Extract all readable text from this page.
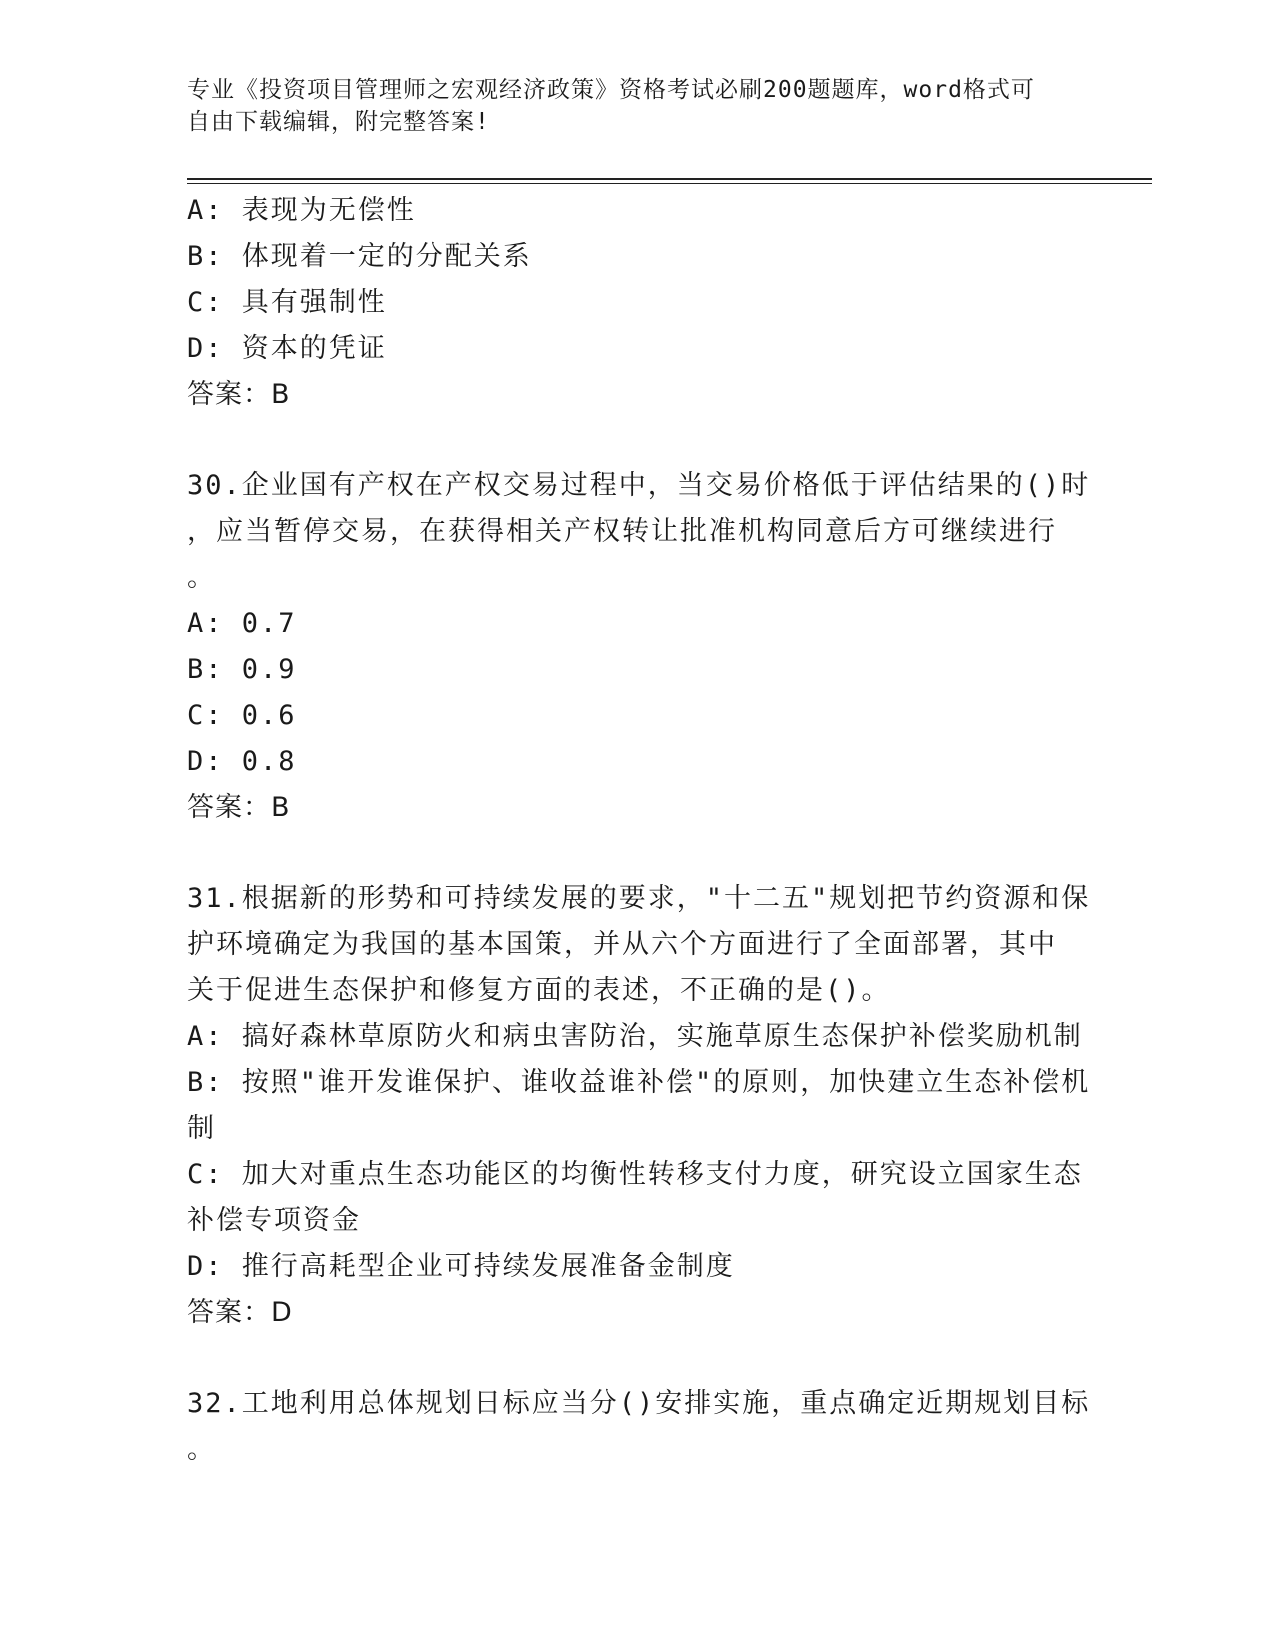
专业《投资项目管理师之宏观经济政策》资格考试必刷200题题库，word格式可
自由下载编辑，附完整答案!
A: 表现为无偿性
B: 体现着一定的分配关系
C: 具有强制性
D: 资本的凭证
答案：B
30.企业国有产权在产权交易过程中，当交易价格低于评估结果的()时
，应当暂停交易，在获得相关产权转让批准机构同意后方可继续进行
。
A: 0.7
B: 0.9
C: 0.6
D: 0.8
答案：B
31.根据新的形势和可持续发展的要求，"十二五"规划把节约资源和保
护环境确定为我国的基本国策，并从六个方面进行了全面部署，其中
关于促进生态保护和修复方面的表述，不正确的是()。
A: 搞好森林草原防火和病虫害防治，实施草原生态保护补偿奖励机制
B: 按照"谁开发谁保护、谁收益谁补偿"的原则，加快建立生态补偿机
制
C: 加大对重点生态功能区的均衡性转移支付力度，研究设立国家生态
补偿专项资金
D: 推行高耗型企业可持续发展准备金制度
答案：D
32.工地利用总体规划日标应当分()安排实施，重点确定近期规划目标
。
